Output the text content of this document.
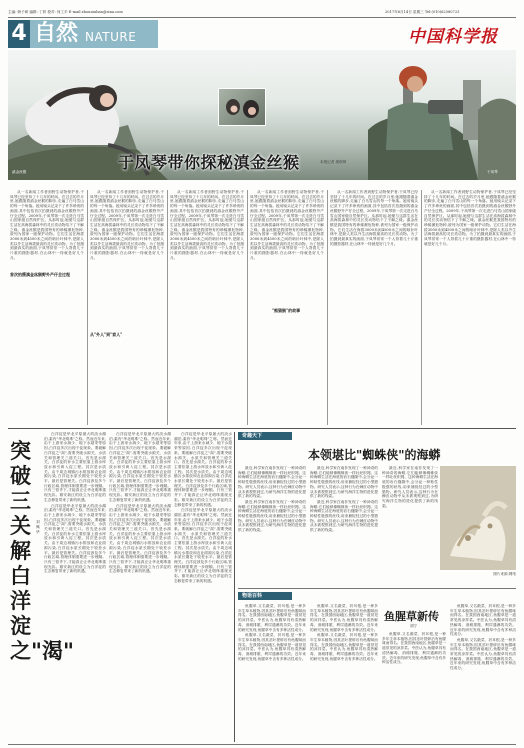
主编: 韩子研 编辑: 丁妍 校对: 何工平 E-mail:zhouniuban@sina.com	2017年6月14日 星期三 Tel:(010)62580723
4 自然 NATURE	中国科学报
于凤琴带你探秘滇金丝猴	本报记者 胡珉琦
滇金丝猴	于凤琴

从一名新闻工作者到野生动物保护者,于凤琴已经坚持了十几年的时间。在过去的岁月里,她跟随着滇金丝猴的脚步,走遍了白马雪山的每一个角落。她用镜头记录下了许多珍贵的画面,其中包括首次拍摄到的滇金丝猴野外产仔全过程。2009年,于凤琴第一次走进白马雪山国家级自然保护区。从那时起,她便与这群生活在高海拔森林中的灵长类动物结下了不解之缘。滇金丝猴是我国特有的珍稀濒危物种,被列为国家一级保护动物。它们生活在海拔3000米到4500米之间的暗针叶林中,是除人类以外生活海拔最高的灵长类动物。为了拍摄到最真实的画面,于凤琴常常一个人背着几十斤重的摄影器材,在山林中一待就是好几个月。

首次拍摄滇金丝猴野外产仔全过程

从一名新闻工作者到野生动物保护者,于凤琴已经坚持了十几年的时间。在过去的岁月里,她跟随着滇金丝猴的脚步,走遍了白马雪山的每一个角落。她用镜头记录下了许多珍贵的画面,其中包括首次拍摄到的滇金丝猴野外产仔全过程。2009年,于凤琴第一次走进白马雪山国家级自然保护区。从那时起,她便与这群生活在高海拔森林中的灵长类动物结下了不解之缘。滇金丝猴是我国特有的珍稀濒危物种,被列为国家一级保护动物。它们生活在海拔3000米到4500米之间的暗针叶林中,是除人类以外生活海拔最高的灵长类动物。为了拍摄到最真实的画面,于凤琴常常一个人背着几十斤重的摄影器材,在山林中一待就是好几个月。

从"外人"到"家人"

从一名新闻工作者到野生动物保护者,于凤琴已经坚持了十几年的时间。在过去的岁月里,她跟随着滇金丝猴的脚步,走遍了白马雪山的每一个角落。她用镜头记录下了许多珍贵的画面,其中包括首次拍摄到的滇金丝猴野外产仔全过程。2009年,于凤琴第一次走进白马雪山国家级自然保护区。从那时起,她便与这群生活在高海拔森林中的灵长类动物结下了不解之缘。滇金丝猴是我国特有的珍稀濒危物种,被列为国家一级保护动物。它们生活在海拔3000米到4500米之间的暗针叶林中,是除人类以外生活海拔最高的灵长类动物。为了拍摄到最真实的画面,于凤琴常常一个人背着几十斤重的摄影器材,在山林中一待就是好几个月。

从一名新闻工作者到野生动物保护者,于凤琴已经坚持了十几年的时间。在过去的岁月里,她跟随着滇金丝猴的脚步,走遍了白马雪山的每一个角落。她用镜头记录下了许多珍贵的画面,其中包括首次拍摄到的滇金丝猴野外产仔全过程。2009年,于凤琴第一次走进白马雪山国家级自然保护区。从那时起,她便与这群生活在高海拔森林中的灵长类动物结下了不解之缘。滇金丝猴是我国特有的珍稀濒危物种,被列为国家一级保护动物。它们生活在海拔3000米到4500米之间的暗针叶林中,是除人类以外生活海拔最高的灵长类动物。为了拍摄到最真实的画面,于凤琴常常一个人背着几十斤重的摄影器材,在山林中一待就是好几个月。

"熊猫猴"的故事

从一名新闻工作者到野生动物保护者,于凤琴已经坚持了十几年的时间。在过去的岁月里,她跟随着滇金丝猴的脚步,走遍了白马雪山的每一个角落。她用镜头记录下了许多珍贵的画面,其中包括首次拍摄到的滇金丝猴野外产仔全过程。2009年,于凤琴第一次走进白马雪山国家级自然保护区。从那时起,她便与这群生活在高海拔森林中的灵长类动物结下了不解之缘。滇金丝猴是我国特有的珍稀濒危物种,被列为国家一级保护动物。它们生活在海拔3000米到4500米之间的暗针叶林中,是除人类以外生活海拔最高的灵长类动物。为了拍摄到最真实的画面,于凤琴常常一个人背着几十斤重的摄影器材,在山林中一待就是好几个月。

从一名新闻工作者到野生动物保护者,于凤琴已经坚持了十几年的时间。在过去的岁月里,她跟随着滇金丝猴的脚步,走遍了白马雪山的每一个角落。她用镜头记录下了许多珍贵的画面,其中包括首次拍摄到的滇金丝猴野外产仔全过程。2009年,于凤琴第一次走进白马雪山国家级自然保护区。从那时起,她便与这群生活在高海拔森林中的灵长类动物结下了不解之缘。滇金丝猴是我国特有的珍稀濒危物种,被列为国家一级保护动物。它们生活在海拔3000米到4500米之间的暗针叶林中,是除人类以外生活海拔最高的灵长类动物。为了拍摄到最真实的画面,于凤琴常常一个人背着几十斤重的摄影器材,在山林中一待就是好几个月。

突破三关解白洋淀之"渴"
刘佩华

白洋淀是华北平原最大的淡水湖泊,素有"华北明珠"之称。然而近年来,由于上游来水减少、地下水超采等原因,白洋淀多次出现干淀现象。要破解白洋淀之"渴",需要突破水源关、水质关和管理关三道关口。首先是水源关。白洋淀的补水主要依靠上游水库放水和引黄入淀工程。其次是水质关。由于周边城镇污水排放和农业面源污染,白洋淀水质长期处于较差水平。最后是管理关。白洋淀涉及多个行政区域,管理体制需要进一步理顺。只有三管齐下,才能真正让华北明珠重现光彩。雄安新区的设立为白洋淀的生态修复带来了新的机遇。

白洋淀是华北平原最大的淡水湖泊,素有"华北明珠"之称。然而近年来,由于上游来水减少、地下水超采等原因,白洋淀多次出现干淀现象。要破解白洋淀之"渴",需要突破水源关、水质关和管理关三道关口。首先是水源关。白洋淀的补水主要依靠上游水库放水和引黄入淀工程。其次是水质关。由于周边城镇污水排放和农业面源污染,白洋淀水质长期处于较差水平。最后是管理关。白洋淀涉及多个行政区域,管理体制需要进一步理顺。只有三管齐下,才能真正让华北明珠重现光彩。雄安新区的设立为白洋淀的生态修复带来了新的机遇。

白洋淀是华北平原最大的淡水湖泊,素有"华北明珠"之称。然而近年来,由于上游来水减少、地下水超采等原因,白洋淀多次出现干淀现象。要破解白洋淀之"渴",需要突破水源关、水质关和管理关三道关口。首先是水源关。白洋淀的补水主要依靠上游水库放水和引黄入淀工程。其次是水质关。由于周边城镇污水排放和农业面源污染,白洋淀水质长期处于较差水平。最后是管理关。白洋淀涉及多个行政区域,管理体制需要进一步理顺。只有三管齐下,才能真正让华北明珠重现光彩。雄安新区的设立为白洋淀的生态修复带来了新的机遇。

白洋淀是华北平原最大的淡水湖泊,素有"华北明珠"之称。然而近年来,由于上游来水减少、地下水超采等原因,白洋淀多次出现干淀现象。要破解白洋淀之"渴",需要突破水源关、水质关和管理关三道关口。首先是水源关。白洋淀的补水主要依靠上游水库放水和引黄入淀工程。其次是水质关。由于周边城镇污水排放和农业面源污染,白洋淀水质长期处于较差水平。最后是管理关。白洋淀涉及多个行政区域,管理体制需要进一步理顺。只有三管齐下,才能真正让华北明珠重现光彩。雄安新区的设立为白洋淀的生态修复带来了新的机遇。

白洋淀是华北平原最大的淡水湖泊,素有"华北明珠"之称。然而近年来,由于上游来水减少、地下水超采等原因,白洋淀多次出现干淀现象。要破解白洋淀之"渴",需要突破水源关、水质关和管理关三道关口。首先是水源关。白洋淀的补水主要依靠上游水库放水和引黄入淀工程。其次是水质关。由于周边城镇污水排放和农业面源污染,白洋淀水质长期处于较差水平。最后是管理关。白洋淀涉及多个行政区域,管理体制需要进一步理顺。只有三管齐下,才能真正让华北明珠重现光彩。雄安新区的设立为白洋淀的生态修复带来了新的机遇。

白洋淀是华北平原最大的淡水湖泊,素有"华北明珠"之称。然而近年来,由于上游来水减少、地下水超采等原因,白洋淀多次出现干淀现象。要破解白洋淀之"渴",需要突破水源关、水质关和管理关三道关口。首先是水源关。白洋淀的补水主要依靠上游水库放水和引黄入淀工程。其次是水质关。由于周边城镇污水排放和农业面源污染,白洋淀水质长期处于较差水平。最后是管理关。白洋淀涉及多个行政区域,管理体制需要进一步理顺。只有三管齐下,才能真正让华北明珠重现光彩。雄安新区的设立为白洋淀的生态修复带来了新的机遇。

奇趣天下
本领堪比"蜘蛛侠"的海蟒

最近,科学家在南非发现了一种神奇的海蟒,它们能够像蜘蛛侠一样吐丝织网。这种海蟒生活在海底的岩石缝隙中,会分泌一种粘性极强的丝线,用来捕捉经过的小型猎物。研究人员表示,这种行为在棘皮动物中从未被观察到过,为研究海洋生物的进化提供了新的线索。

最近,科学家在南非发现了一种神奇的海蟒,它们能够像蜘蛛侠一样吐丝织网。这种海蟒生活在海底的岩石缝隙中,会分泌一种粘性极强的丝线,用来捕捉经过的小型猎物。研究人员表示,这种行为在棘皮动物中从未被观察到过,为研究海洋生物的进化提供了新的线索。

最近,科学家在南非发现了一种神奇的海蟒,它们能够像蜘蛛侠一样吐丝织网。这种海蟒生活在海底的岩石缝隙中,会分泌一种粘性极强的丝线,用来捕捉经过的小型猎物。研究人员表示,这种行为在棘皮动物中从未被观察到过,为研究海洋生物的进化提供了新的线索。

最近,科学家在南非发现了一种神奇的海蟒,它们能够像蜘蛛侠一样吐丝织网。这种海蟒生活在海底的岩石缝隙中,会分泌一种粘性极强的丝线,用来捕捉经过的小型猎物。研究人员表示,这种行为在棘皮动物中从未被观察到过,为研究海洋生物的进化提供了新的线索。

最近,科学家在南非发现了一种神奇的海蟒,它们能够像蜘蛛侠一样吐丝织网。这种海蟒生活在海底的岩石缝隙中,会分泌一种粘性极强的丝线,用来捕捉经过的小型猎物。研究人员表示,这种行为在棘皮动物中从未被观察到过,为研究海洋生物的进化提供了新的线索。

图片来源:网络
物语百科

鱼腥草,又名蕺菜、折耳根,是一种多年生草本植物,因其茎叶搓碎后有鱼腥味而得名。在我国西南地区,鱼腥草是一道常见的凉拌菜。中医认为,鱼腥草具有清热解毒、消痈排脓、利尿通淋的功效。近年来的研究发现,鱼腥草中含有多种活性成分。

鱼腥草,又名蕺菜、折耳根,是一种多年生草本植物,因其茎叶搓碎后有鱼腥味而得名。在我国西南地区,鱼腥草是一道常见的凉拌菜。中医认为,鱼腥草具有清热解毒、消痈排脓、利尿通淋的功效。近年来的研究发现,鱼腥草中含有多种活性成分。

鱼腥草,又名蕺菜、折耳根,是一种多年生草本植物,因其茎叶搓碎后有鱼腥味而得名。在我国西南地区,鱼腥草是一道常见的凉拌菜。中医认为,鱼腥草具有清热解毒、消痈排脓、利尿通淋的功效。近年来的研究发现,鱼腥草中含有多种活性成分。

鱼腥草,又名蕺菜、折耳根,是一种多年生草本植物,因其茎叶搓碎后有鱼腥味而得名。在我国西南地区,鱼腥草是一道常见的凉拌菜。中医认为,鱼腥草具有清热解毒、消痈排脓、利尿通淋的功效。近年来的研究发现,鱼腥草中含有多种活性成分。

鱼腥草新传
胡宁

鱼腥草,又名蕺菜、折耳根,是一种多年生草本植物,因其茎叶搓碎后有鱼腥味而得名。在我国西南地区,鱼腥草是一道常见的凉拌菜。中医认为,鱼腥草具有清热解毒、消痈排脓、利尿通淋的功效。近年来的研究发现,鱼腥草中含有多种活性成分。

鱼腥草,又名蕺菜、折耳根,是一种多年生草本植物,因其茎叶搓碎后有鱼腥味而得名。在我国西南地区,鱼腥草是一道常见的凉拌菜。中医认为,鱼腥草具有清热解毒、消痈排脓、利尿通淋的功效。近年来的研究发现,鱼腥草中含有多种活性成分。

鱼腥草,又名蕺菜、折耳根,是一种多年生草本植物,因其茎叶搓碎后有鱼腥味而得名。在我国西南地区,鱼腥草是一道常见的凉拌菜。中医认为,鱼腥草具有清热解毒、消痈排脓、利尿通淋的功效。近年来的研究发现,鱼腥草中含有多种活性成分。
